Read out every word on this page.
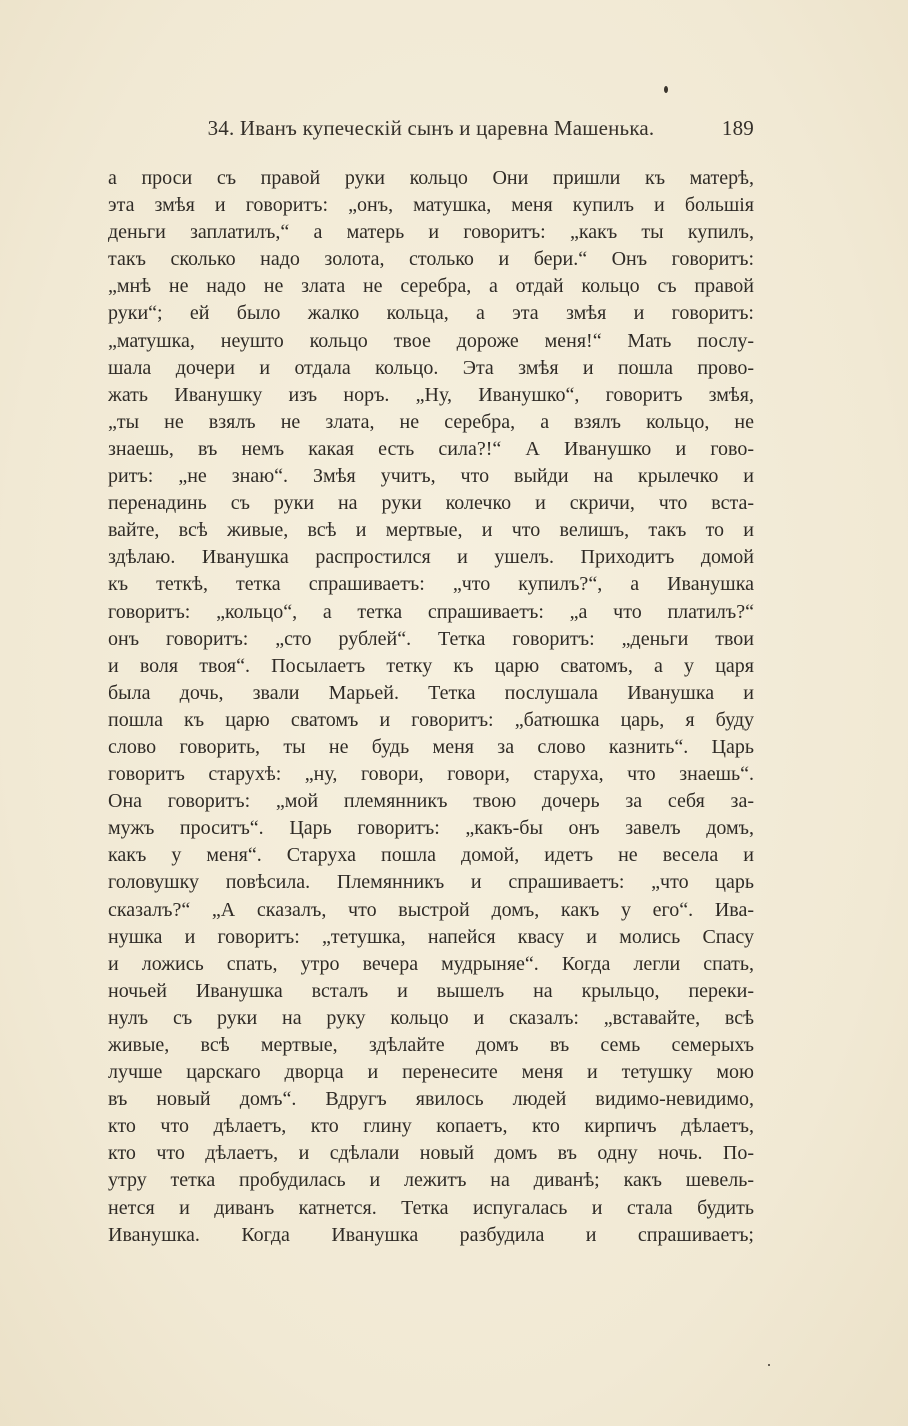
34. Иванъ купеческій сынъ и царевна Машенька.	189
а проси съ правой руки кольцо Они пришли къ матерѣ,
эта змѣя и говоритъ: „онъ, матушка, меня купилъ и большія
деньги заплатилъ,“ а матерь и говоритъ: „какъ ты купилъ,
такъ сколько надо золота, столько и бери.“ Онъ говоритъ:
„мнѣ не надо не злата не серебра, а отдай кольцо съ правой
руки“; ей было жалко кольца, а эта змѣя и говоритъ:
„матушка, неушто кольцо твое дороже меня!“ Мать послу-
шала дочери и отдала кольцо. Эта змѣя и пошла прово-
жать Иванушку изъ норъ. „Ну, Иванушко“, говоритъ змѣя,
„ты не взялъ не злата, не серебра, а взялъ кольцо, не
знаешь, въ немъ какая есть сила?!“ А Иванушко и гово-
ритъ: „не знаю“. Змѣя учитъ, что выйди на крылечко и
перенадинь съ руки на руки колечко и скричи, что вста-
вайте, всѣ живые, всѣ и мертвые, и что велишъ, такъ то и
здѣлаю. Иванушка распростился и ушелъ. Приходитъ домой
къ теткѣ, тетка спрашиваетъ: „что купилъ?“, а Иванушка
говоритъ: „кольцо“, а тетка спрашиваетъ: „а что платилъ?“
онъ говоритъ: „сто рублей“. Тетка говоритъ: „деньги твои
и воля твоя“. Посылаетъ тетку къ царю сватомъ, а у царя
была дочь, звали Марьей. Тетка послушала Иванушка и
пошла къ царю сватомъ и говоритъ: „батюшка царь, я буду
слово говорить, ты не будь меня за слово казнить“. Царь
говоритъ старухѣ: „ну, говори, говори, старуха, что знаешь“.
Она говоритъ: „мой племянникъ твою дочерь за себя за-
мужъ проситъ“. Царь говоритъ: „какъ-бы онъ завелъ домъ,
какъ у меня“. Старуха пошла домой, идетъ не весела и
головушку повѣсила. Племянникъ и спрашиваетъ: „что царь
сказалъ?“ „А сказалъ, что выстрой домъ, какъ у его“. Ива-
нушка и говоритъ: „тетушка, напейся квасу и молись Спасу
и ложись спать, утро вечера мудрыняе“. Когда легли спать,
ночьей Иванушка всталъ и вышелъ на крыльцо, переки-
нулъ съ руки на руку кольцо и сказалъ: „вставайте, всѣ
живые, всѣ мертвые, здѣлайте домъ въ семь семерыхъ
лучше царскаго дворца и перенесите меня и тетушку мою
въ новый домъ“. Вдругъ явилось людей видимо-невидимо,
кто что дѣлаетъ, кто глину копаетъ, кто кирпичъ дѣлаетъ,
кто что дѣлаетъ, и сдѣлали новый домъ въ одну ночь. По-
утру тетка пробудилась и лежитъ на диванѣ; какъ шевель-
нется и диванъ катнется. Тетка испугалась и стала будить
Иванушка. Когда Иванушка разбудила и спрашиваетъ;
